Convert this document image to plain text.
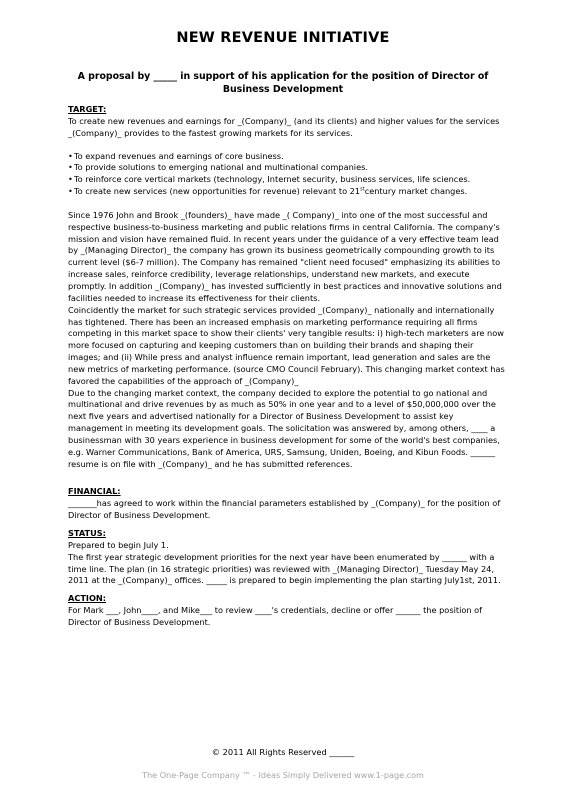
NEW REVENUE INITIATIVE
A proposal by _____ in support of his application for the position of Director of Business Development

TARGET:

To create new revenues and earnings for _(Company)_ (and its clients) and higher values for the services _(Company)_ provides to the fastest growing markets for its services.

• To expand revenues and earnings of core business.
• To provide solutions to emerging national and multinational companies.
• To reinforce core vertical markets (technology, Internet security, business services, life sciences.
• To create new services (new opportunities for revenue) relevant to 21stcentury market changes.

Since 1976 John and Brook _(founders)_ have made _( Company)_ into one of the most successful and respective business-to-business marketing and public relations firms in central California. The company's mission and vision have remained fluid. In recent years under the guidance of a very effective team lead by _(Managing Director)_ the company has grown its business geometrically compounding growth to its current level ($6-7 million). The Company has remained "client need focused" emphasizing its abilities to increase sales, reinforce credibility, leverage relationships, understand new markets, and execute promptly. In addition _(Company)_ has invested sufficiently in best practices and innovative solutions and facilities needed to increase its effectiveness for their clients.

Coincidently the market for such strategic services provided _(Company)_ nationally and internationally has tightened. There has been an increased emphasis on marketing performance requiring all firms competing in this market space to show their clients' very tangible results: i) high-tech marketers are now more focused on capturing and keeping customers than on building their brands and shaping their images; and (ii) While press and analyst influence remain important, lead generation and sales are the new metrics of marketing performance. (source CMO Council February). This changing market context has favored the capabilities of the approach of _(Company)_

Due to the changing market context, the company decided to explore the potential to go national and multinational and drive revenues by as much as 50% in one year and to a level of $50,000,000 over the next five years and advertised nationally for a Director of Business Development to assist key management in meeting its development goals. The solicitation was answered by, among others, ____ a businessman with 30 years experience in business development for some of the world's best companies, e.g. Warner Communications, Bank of America, URS, Samsung, Uniden, Boeing, and Kibun Foods. ______ resume is on file with _(Company)_ and he has submitted references.

FINANCIAL:

_______has agreed to work within the financial parameters established by _(Company)_ for the position of Director of Business Development.

STATUS:

Prepared to begin July 1.

The first year strategic development priorities for the next year have been enumerated by ______ with a time line. The plan (in 16 strategic priorities) was reviewed with _(Managing Director)_ Tuesday May 24, 2011 at the _(Company)_ offices. _____ is prepared to begin implementing the plan starting July1st, 2011.

ACTION:

For Mark ___, John____, and Mike___ to review ____'s credentials, decline or offer ______ the position of Director of Business Development.

© 2011 All Rights Reserved ______
The One-Page Company ™ - Ideas Simply Delivered www.1-page.com
